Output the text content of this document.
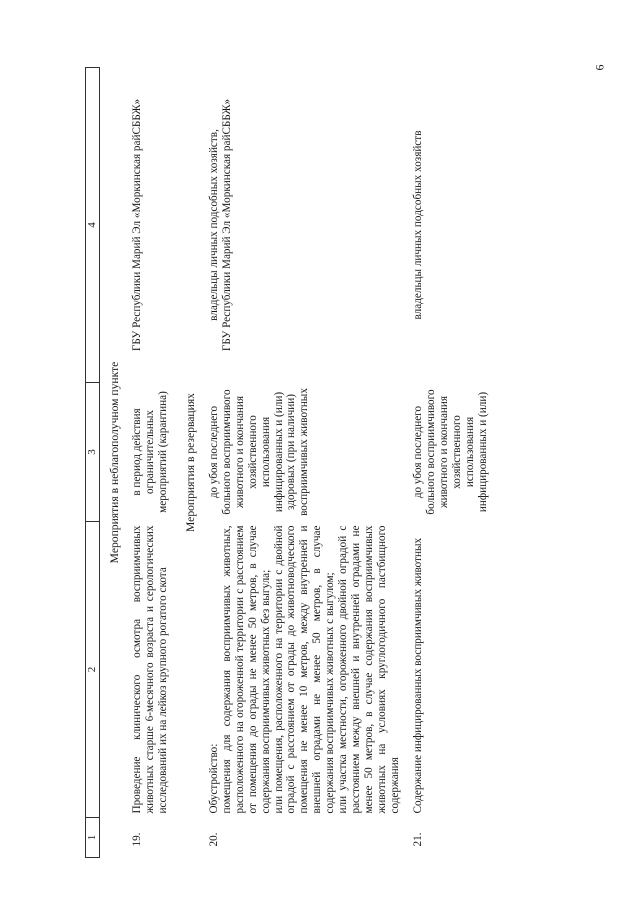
6
1	2	3	4
Мероприятия в неблагополучном пункте			
19.	Проведение клинического осмотра восприимчивых животных старше 6-месячного возраста и серологических исследований их на лейкоз крупного рогатого скота	в период действия ограничительных мероприятий (карантина)	ГБУ Республики Марий Эл «Моркинская райСББЖ»
Мероприятия в резервациях			
20.	Обустройство: помещения для содержания восприимчивых животных, расположенного на огороженной территории с расстоянием от помещения до ограды не менее 50 метров, в случае содержания восприимчивых животных без выгула; или помещения, расположенного на территории с двойной оградой с расстоянием от ограды до животноводческого помещения не менее 10 метров, между внутренней и внешней оградами не менее 50 метров, в случае содержания восприимчивых животных с выгулом; или участка местности, огороженного двойной оградой с расстоянием между внешней и внутренней оградами не менее 50 метров, в случае содержания восприимчивых животных на условиях круглогодичного пастбищного содержания	до убоя последнего больного восприимчивого животного и окончания хозяйственного использования инфицированных и (или) здоровых (при наличии) восприимчивых животных	владельцы личных подсобных хозяйств, ГБУ Республики Марий Эл «Моркинская райСББЖ»

21.	Содержание инфицированных восприимчивых животных	до убоя последнего больного восприимчивого животного и окончания хозяйственного использования инфицированных и (или)	владельцы личных подсобных хозяйств
